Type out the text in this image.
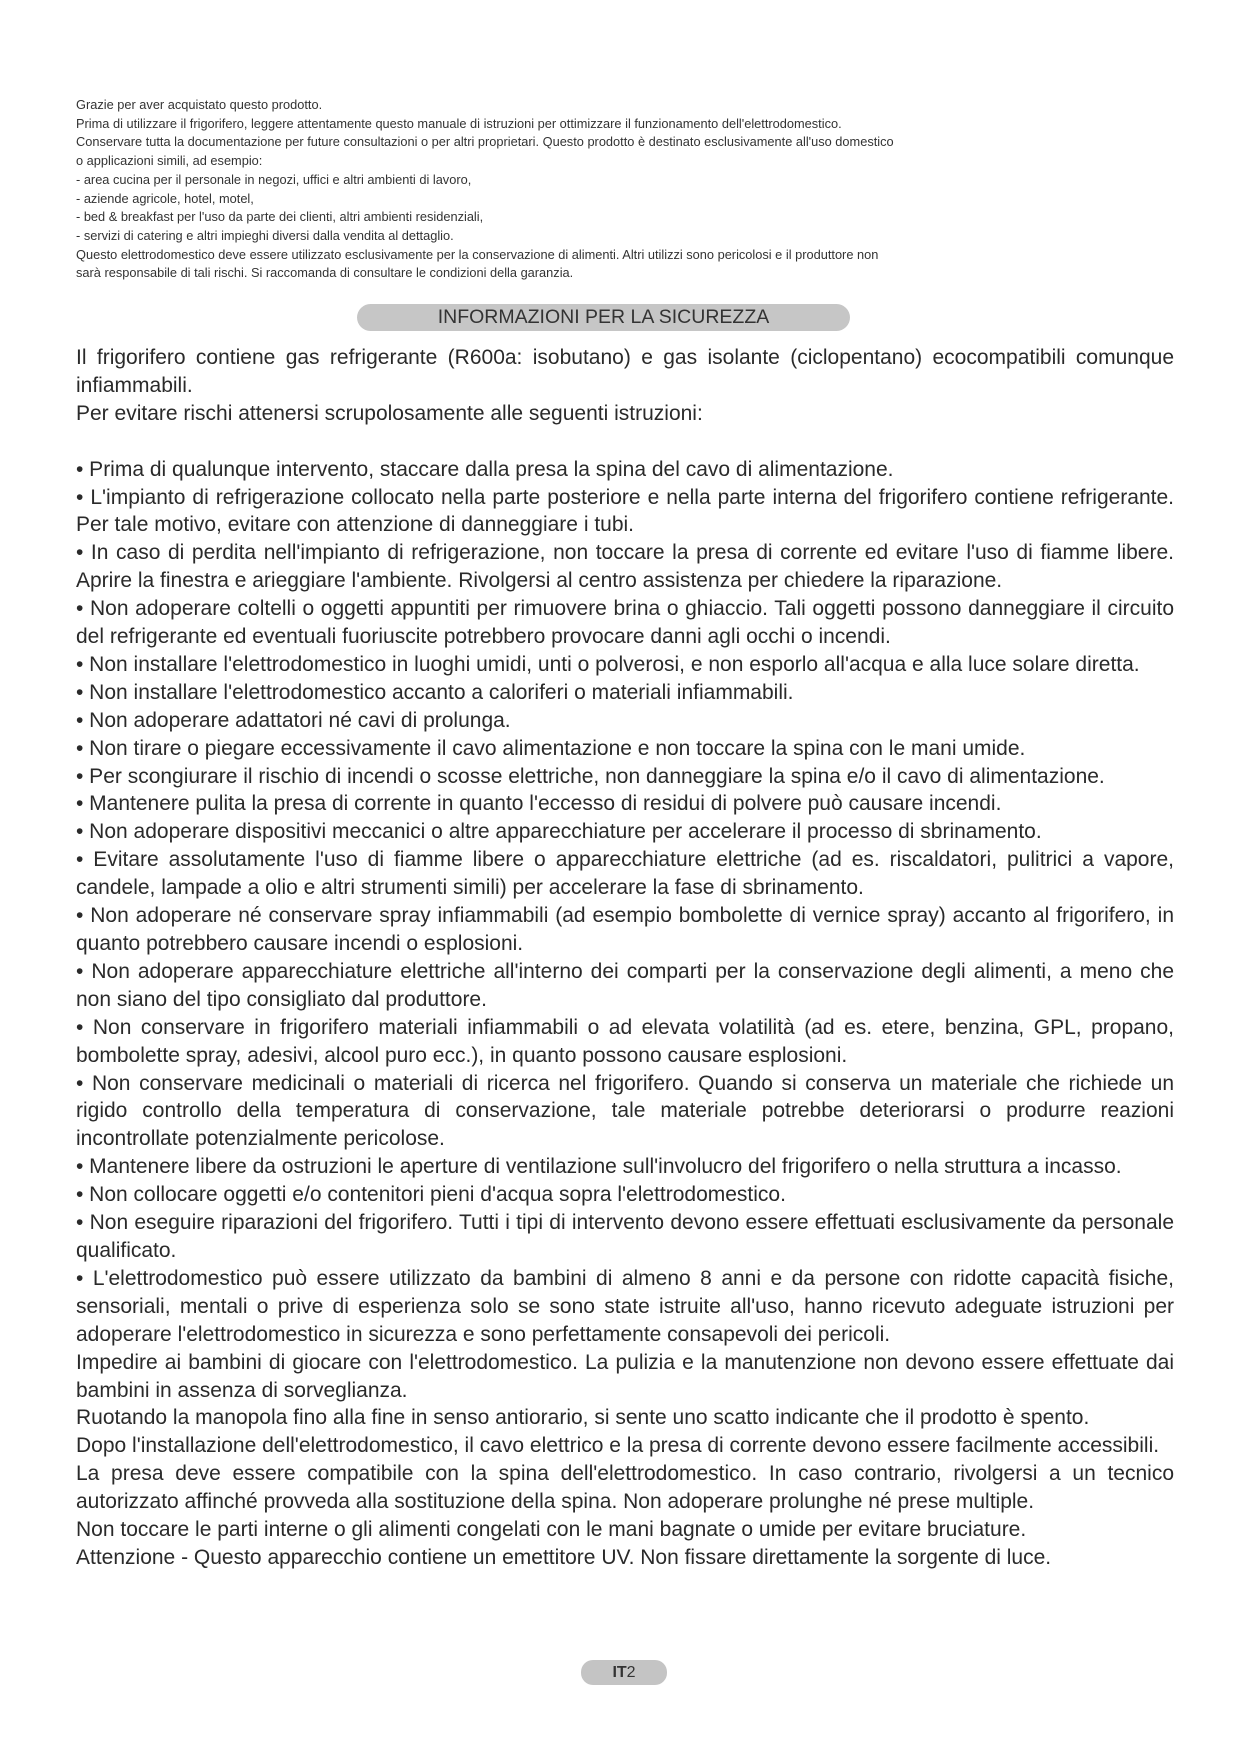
Grazie per aver acquistato questo prodotto.

Prima di utilizzare il frigorifero, leggere attentamente questo manuale di istruzioni per ottimizzare il funzionamento dell'elettrodomestico.

Conservare tutta la documentazione per future consultazioni o per altri proprietari. Questo prodotto è destinato esclusivamente all'uso domestico

o applicazioni simili, ad esempio:

- area cucina per il personale in negozi, uffici e altri ambienti di lavoro,

- aziende agricole, hotel, motel,

- bed & breakfast per l'uso da parte dei clienti, altri ambienti residenziali,

- servizi di catering e altri impieghi diversi dalla vendita al dettaglio.

Questo elettrodomestico deve essere utilizzato esclusivamente per la conservazione di alimenti. Altri utilizzi sono pericolosi e il produttore non

sarà responsabile di tali rischi. Si raccomanda di consultare le condizioni della garanzia.

INFORMAZIONI PER LA SICUREZZA

Il frigorifero contiene gas refrigerante (R600a: isobutano) e gas isolante (ciclopentano) ecocompatibili comunque infiammabili.

Per evitare rischi attenersi scrupolosamente alle seguenti istruzioni:

• Prima di qualunque intervento, staccare dalla presa la spina del cavo di alimentazione.

• L'impianto di refrigerazione collocato nella parte posteriore e nella parte interna del frigorifero contiene refrigerante. Per tale motivo, evitare con attenzione di danneggiare i tubi.

• In caso di perdita nell'impianto di refrigerazione, non toccare la presa di corrente ed evitare l'uso di fiamme libere. Aprire la finestra e arieggiare l'ambiente. Rivolgersi al centro assistenza per chiedere la riparazione.

• Non adoperare coltelli o oggetti appuntiti per rimuovere brina o ghiaccio. Tali oggetti possono danneggiare il circuito del refrigerante ed eventuali fuoriuscite potrebbero provocare danni agli occhi o incendi.

• Non installare l'elettrodomestico in luoghi umidi, unti o polverosi, e non esporlo all'acqua e alla luce solare diretta.

• Non installare l'elettrodomestico accanto a caloriferi o materiali infiammabili.

• Non adoperare adattatori né cavi di prolunga.

• Non tirare o piegare eccessivamente il cavo alimentazione e non toccare la spina con le mani umide.

• Per scongiurare il rischio di incendi o scosse elettriche, non danneggiare la spina e/o il cavo di alimentazione.

• Mantenere pulita la presa di corrente in quanto l'eccesso di residui di polvere può causare incendi.

• Non adoperare dispositivi meccanici o altre apparecchiature per accelerare il processo di sbrinamento.

• Evitare assolutamente l'uso di fiamme libere o apparecchiature elettriche (ad es. riscaldatori, pulitrici a vapore, candele, lampade a olio e altri strumenti simili) per accelerare la fase di sbrinamento.

• Non adoperare né conservare spray infiammabili (ad esempio bombolette di vernice spray) accanto al frigorifero, in quanto potrebbero causare incendi o esplosioni.

• Non adoperare apparecchiature elettriche all'interno dei comparti per la conservazione degli alimenti, a meno che non siano del tipo consigliato dal produttore.

• Non conservare in frigorifero materiali infiammabili o ad elevata volatilità (ad es. etere, benzina, GPL, propano, bombolette spray, adesivi, alcool puro ecc.), in quanto possono causare esplosioni.

• Non conservare medicinali o materiali di ricerca nel frigorifero. Quando si conserva un materiale che richiede un rigido controllo della temperatura di conservazione, tale materiale potrebbe deteriorarsi o produrre reazioni incontrollate potenzialmente pericolose.

• Mantenere libere da ostruzioni le aperture di ventilazione sull'involucro del frigorifero o nella struttura a incasso.

• Non collocare oggetti e/o contenitori pieni d'acqua sopra l'elettrodomestico.

• Non eseguire riparazioni del frigorifero. Tutti i tipi di intervento devono essere effettuati esclusivamente da personale qualificato.

• L'elettrodomestico può essere utilizzato da bambini di almeno 8 anni e da persone con ridotte capacità fisiche, sensoriali, mentali o prive di esperienza solo se sono state istruite all'uso, hanno ricevuto adeguate istruzioni per adoperare l'elettrodomestico in sicurezza e sono perfettamente consapevoli dei pericoli.

Impedire ai bambini di giocare con l'elettrodomestico. La pulizia e la manutenzione non devono essere effettuate dai bambini in assenza di sorveglianza.

Ruotando la manopola fino alla fine in senso antiorario, si sente uno scatto indicante che il prodotto è spento.

Dopo l'installazione dell'elettrodomestico, il cavo elettrico e la presa di corrente devono essere facilmente accessibili.

La presa deve essere compatibile con la spina dell'elettrodomestico. In caso contrario, rivolgersi a un tecnico autorizzato affinché provveda alla sostituzione della spina. Non adoperare prolunghe né prese multiple.

Non toccare le parti interne o gli alimenti congelati con le mani bagnate o umide per evitare bruciature.

Attenzione - Questo apparecchio contiene un emettitore UV. Non fissare direttamente la sorgente di luce.

IT2
